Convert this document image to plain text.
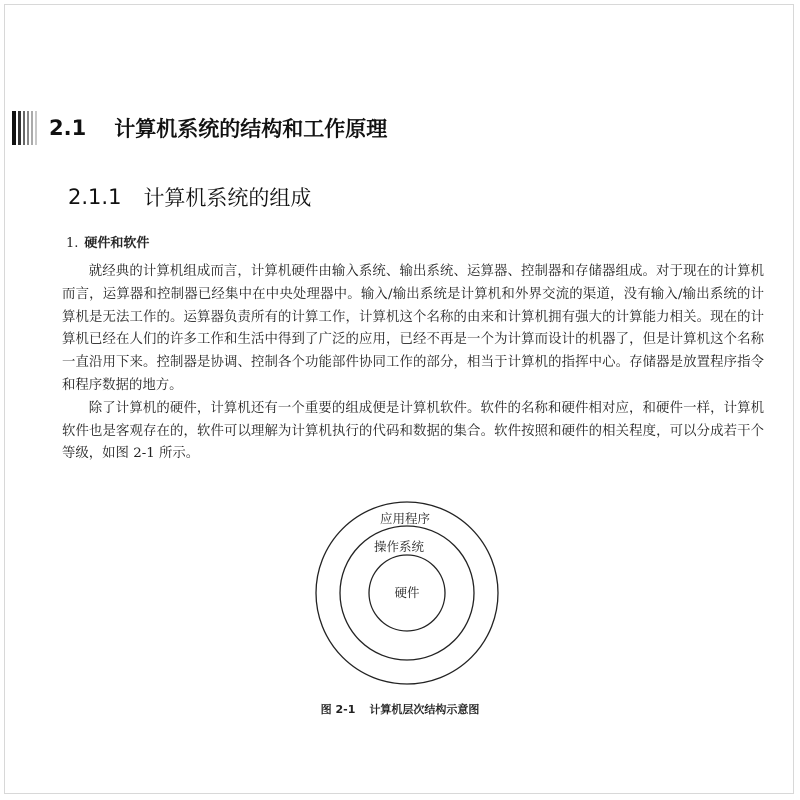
2.1 计算机系统的结构和工作原理
2.1.1 计算机系统的组成
1. 硬件和软件

就经典的计算机组成而言，计算机硬件由输入系统、输出系统、运算器、控制器和存储器组成。对于现在的计算机而言，运算器和控制器已经集中在中央处理器中。输入/输出系统是计算机和外界交流的渠道，没有输入/输出系统的计算机是无法工作的。运算器负责所有的计算工作，计算机这个名称的由来和计算机拥有强大的计算能力相关。现在的计算机已经在人们的许多工作和生活中得到了广泛的应用，已经不再是一个为计算而设计的机器了，但是计算机这个名称一直沿用下来。控制器是协调、控制各个功能部件协同工作的部分，相当于计算机的指挥中心。存储器是放置程序指令和程序数据的地方。

除了计算机的硬件，计算机还有一个重要的组成便是计算机软件。软件的名称和硬件相对应，和硬件一样，计算机软件也是客观存在的，软件可以理解为计算机执行的代码和数据的集合。软件按照和硬件的相关程度，可以分成若干个等级，如图 2-1 所示。

应用程序
操作系统
硬件
图 2-1 计算机层次结构示意图
